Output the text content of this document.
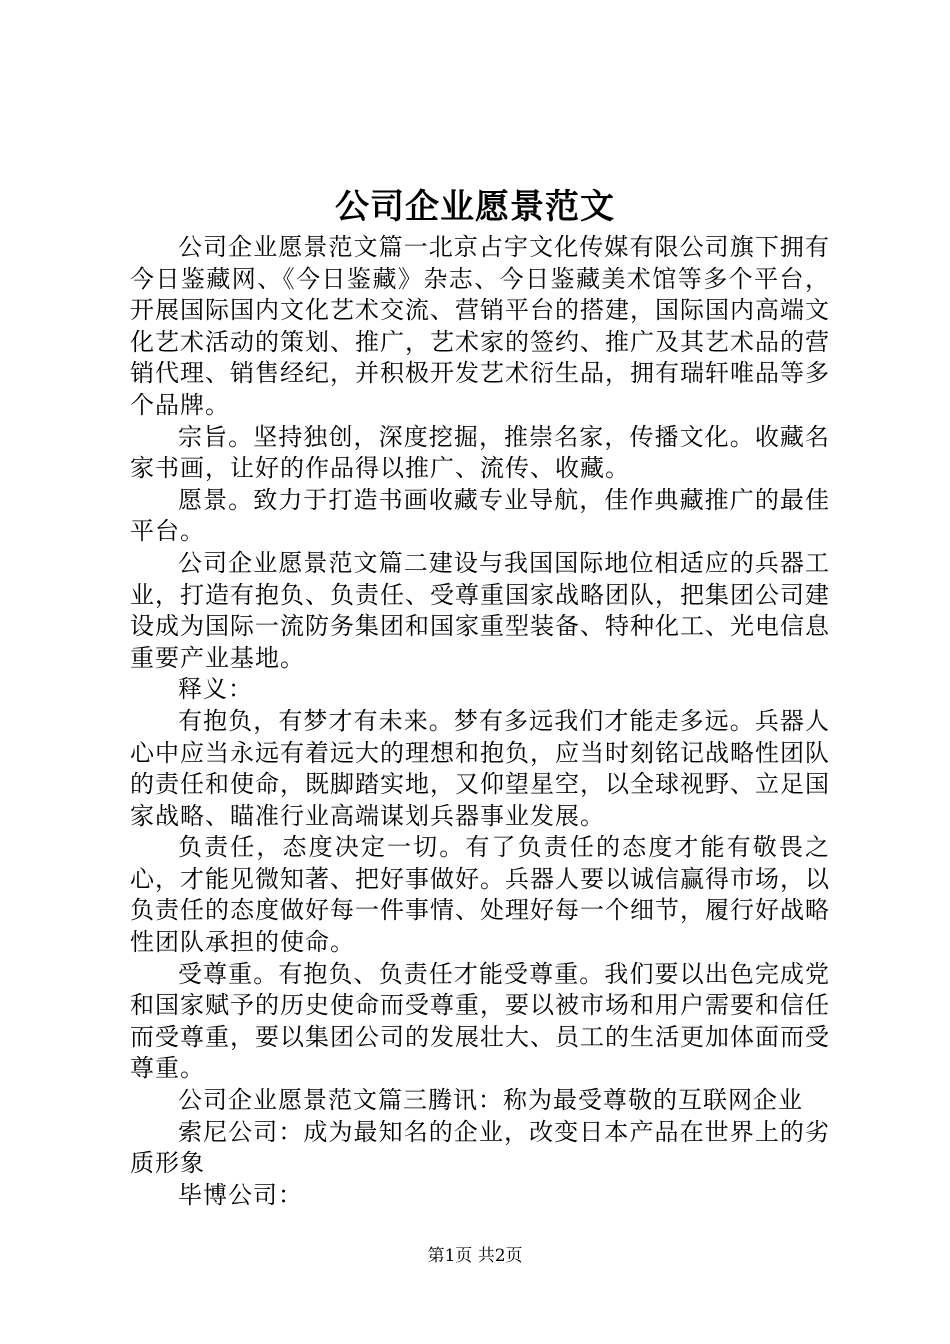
公司企业愿景范文

公司企业愿景范文篇一北京占宇文化传媒有限公司旗下拥有今日鉴藏网、《今日鉴藏》杂志、今日鉴藏美术馆等多个平台，开展国际国内文化艺术交流、营销平台的搭建，国际国内高端文化艺术活动的策划、推广，艺术家的签约、推广及其艺术品的营销代理、销售经纪，并积极开发艺术衍生品，拥有瑞轩唯品等多个品牌。

宗旨。坚持独创，深度挖掘，推崇名家，传播文化。收藏名家书画，让好的作品得以推广、流传、收藏。

愿景。致力于打造书画收藏专业导航，佳作典藏推广的最佳平台。

公司企业愿景范文篇二建设与我国国际地位相适应的兵器工业，打造有抱负、负责任、受尊重国家战略团队，把集团公司建设成为国际一流防务集团和国家重型装备、特种化工、光电信息重要产业基地。

释义：

有抱负，有梦才有未来。梦有多远我们才能走多远。兵器人心中应当永远有着远大的理想和抱负，应当时刻铭记战略性团队的责任和使命，既脚踏实地，又仰望星空，以全球视野、立足国家战略、瞄准行业高端谋划兵器事业发展。

负责任，态度决定一切。有了负责任的态度才能有敬畏之心，才能见微知著、把好事做好。兵器人要以诚信赢得市场，以负责任的态度做好每一件事情、处理好每一个细节，履行好战略性团队承担的使命。

受尊重。有抱负、负责任才能受尊重。我们要以出色完成党和国家赋予的历史使命而受尊重，要以被市场和用户需要和信任而受尊重，要以集团公司的发展壮大、员工的生活更加体面而受尊重。

公司企业愿景范文篇三腾讯：称为最受尊敬的互联网企业

索尼公司：成为最知名的企业，改变日本产品在世界上的劣质形象

毕博公司：

第1页 共2页
